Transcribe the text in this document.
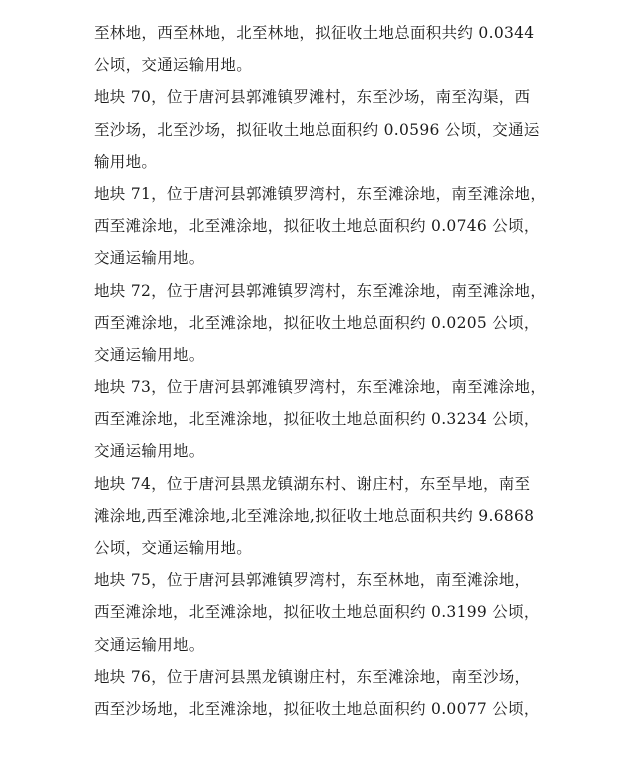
至林地，西至林地，北至林地，拟征收土地总面积共约 0.0344
公顷，交通运输用地。
地块 70，位于唐河县郭滩镇罗滩村，东至沙场，南至沟渠，西
至沙场，北至沙场，拟征收土地总面积约 0.0596 公顷，交通运
输用地。
地块 71，位于唐河县郭滩镇罗湾村，东至滩涂地，南至滩涂地，
西至滩涂地，北至滩涂地，拟征收土地总面积约 0.0746 公顷，
交通运输用地。
地块 72，位于唐河县郭滩镇罗湾村，东至滩涂地，南至滩涂地，
西至滩涂地，北至滩涂地，拟征收土地总面积约 0.0205 公顷，
交通运输用地。
地块 73，位于唐河县郭滩镇罗湾村，东至滩涂地，南至滩涂地，
西至滩涂地，北至滩涂地，拟征收土地总面积约 0.3234 公顷，
交通运输用地。
地块 74，位于唐河县黑龙镇湖东村、谢庄村，东至旱地，南至
滩涂地,西至滩涂地,北至滩涂地,拟征收土地总面积共约 9.6868
公顷，交通运输用地。
地块 75，位于唐河县郭滩镇罗湾村，东至林地，南至滩涂地，
西至滩涂地，北至滩涂地，拟征收土地总面积约 0.3199 公顷，
交通运输用地。
地块 76，位于唐河县黑龙镇谢庄村，东至滩涂地，南至沙场，
西至沙场地，北至滩涂地，拟征收土地总面积约 0.0077 公顷，
